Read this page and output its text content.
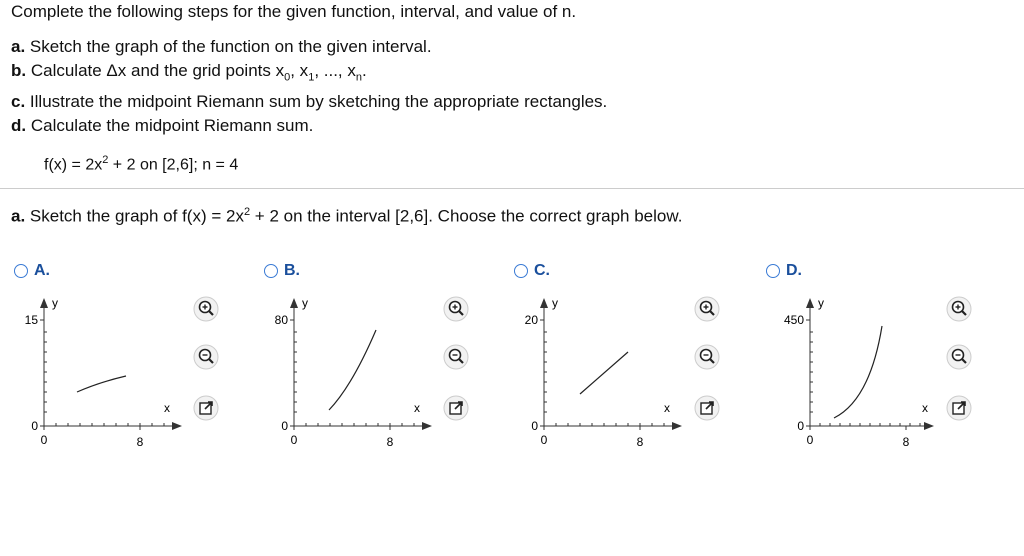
Complete the following steps for the given function, interval, and value of n.
a. Sketch the graph of the function on the given interval.
b. Calculate Δx and the grid points $x_0$, $x_1$, ..., $x_n$.
c. Illustrate the midpoint Riemann sum by sketching the appropriate rectangles.
d. Calculate the midpoint Riemann sum.
$f(x) = 2x^2 + 2$ on [2,6]; n = 4
a. Sketch the graph of $f(x) = 2x^2 + 2$ on the interval [2,6]. Choose the correct graph below.
A.
y
15
0
0	8
x
B.
y
80
0
0	8
x
C.
y
20
0
0	8
x
D.
y
450
0
0	8
x
